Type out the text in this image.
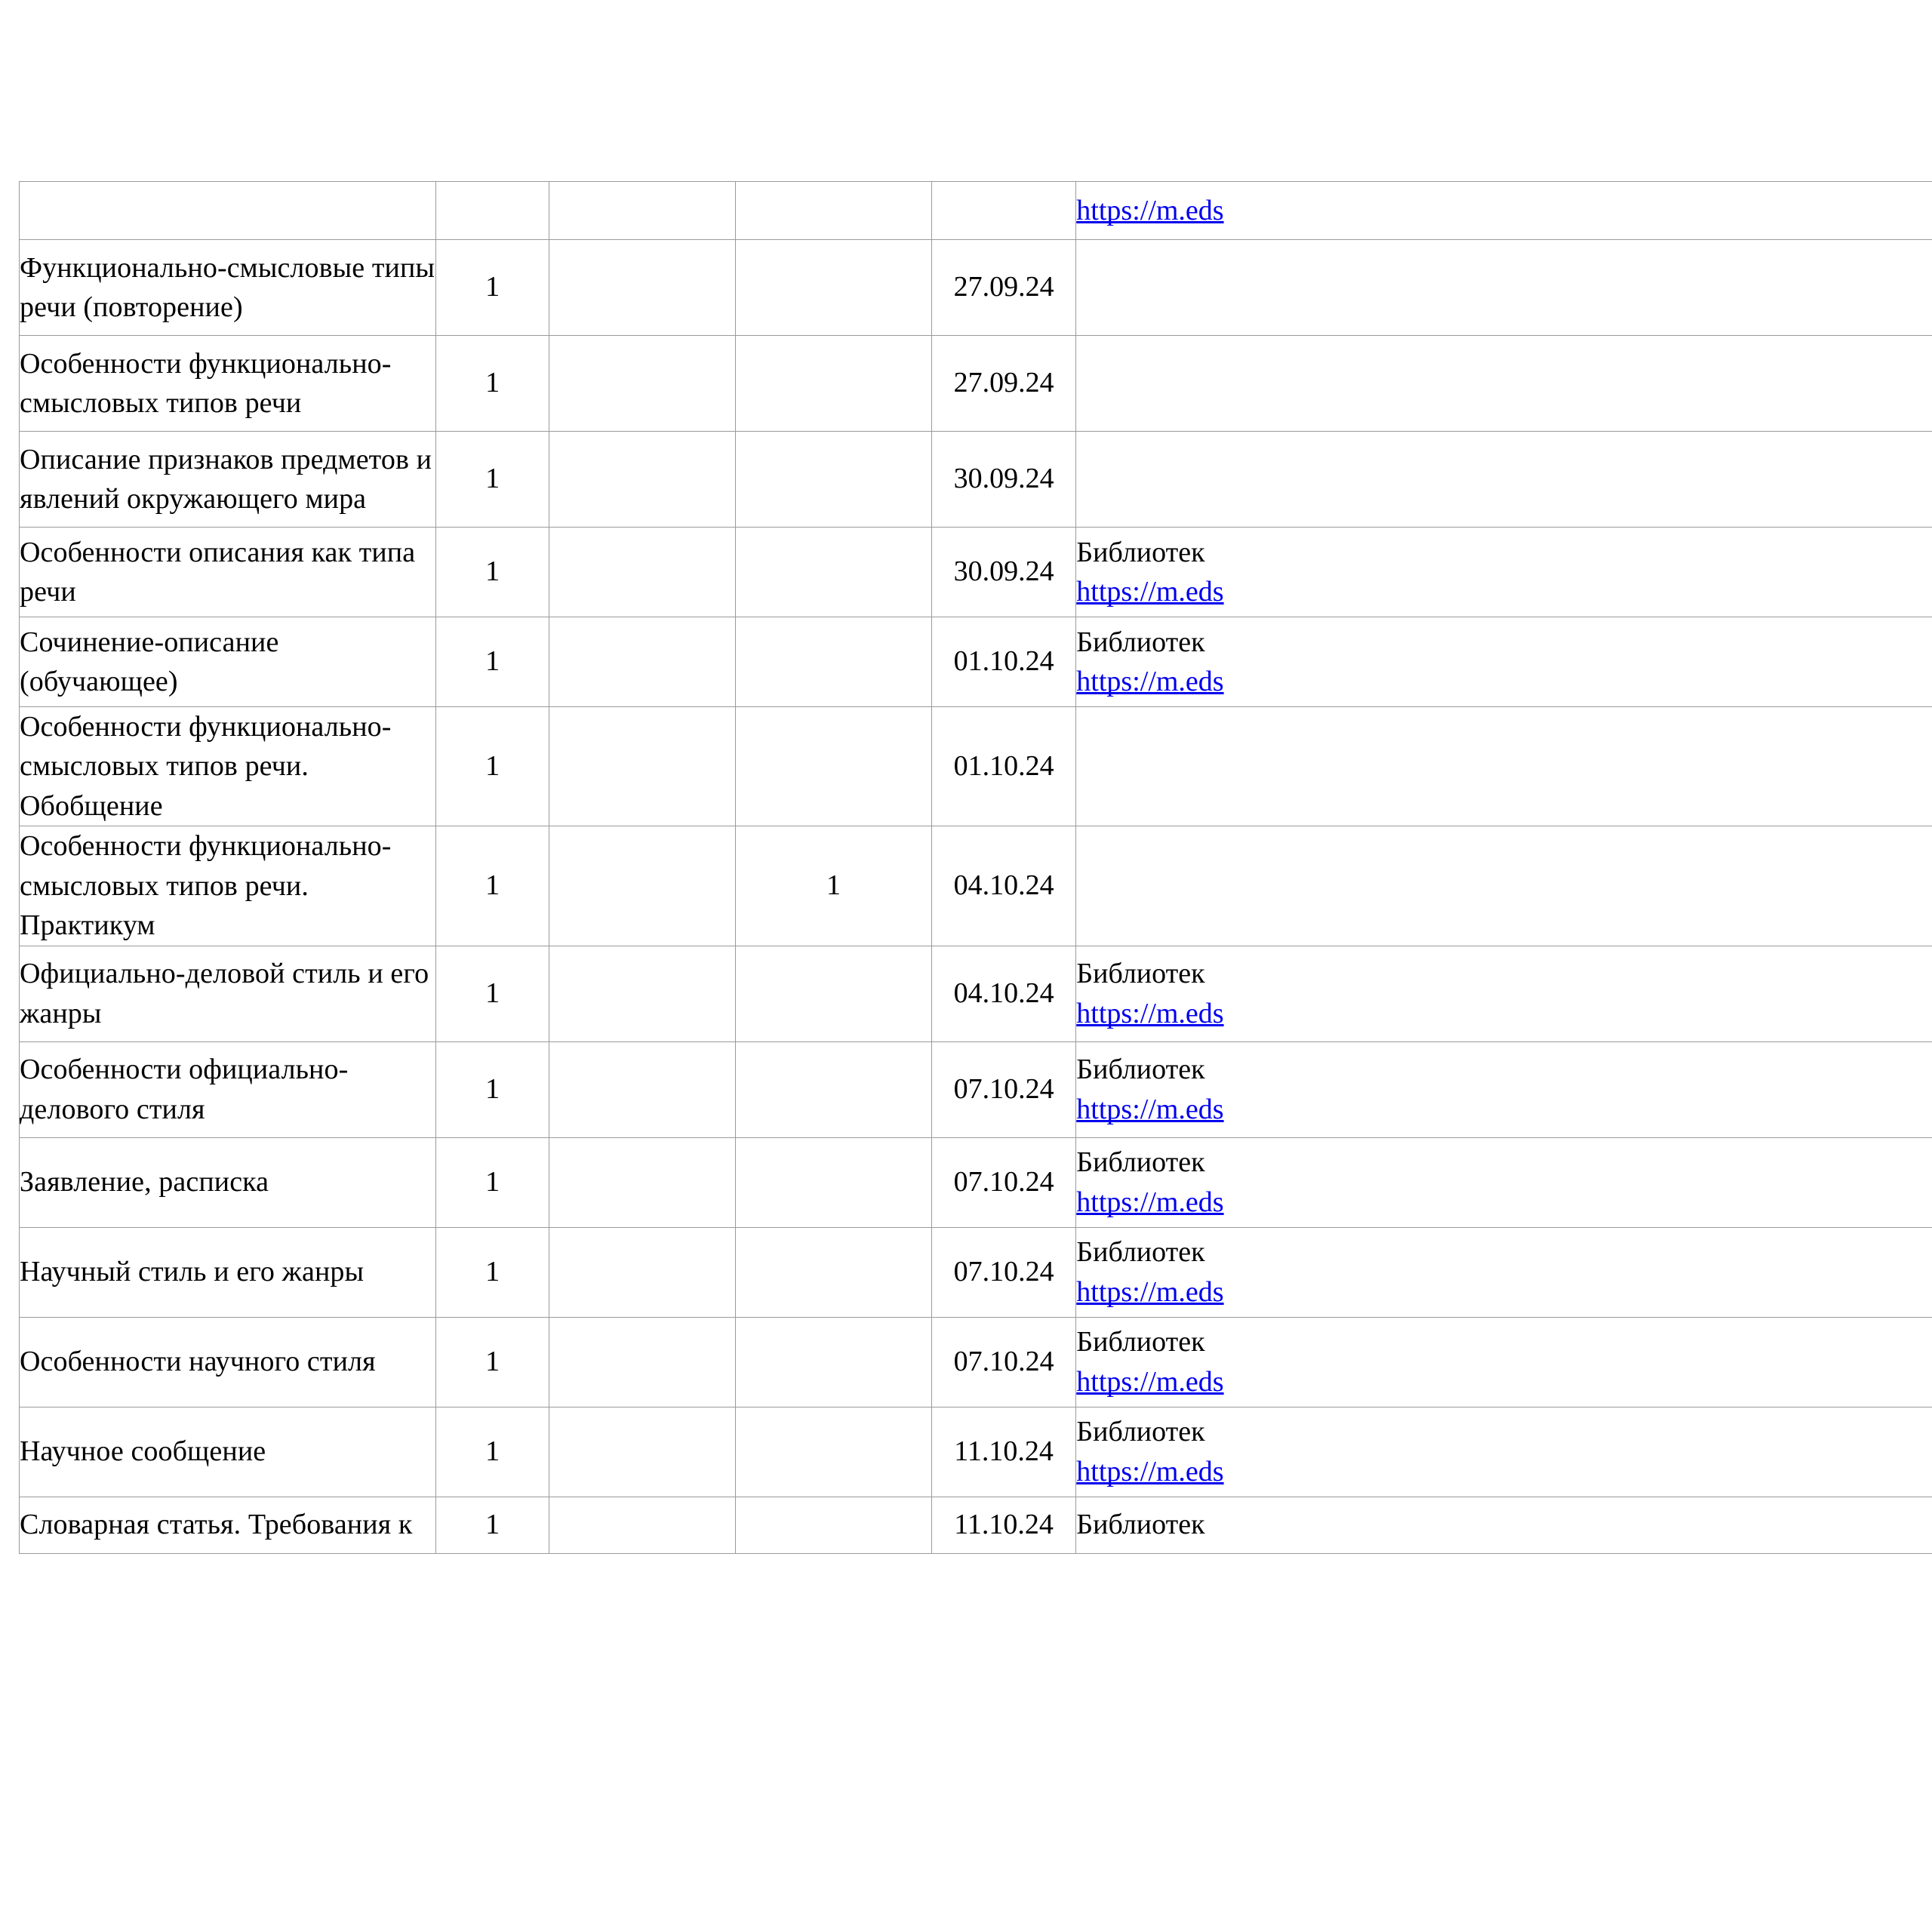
					https://m.eds

Функционально-смысловые типы речи (повторение)	1			27.09.24	
Особенности функционально-смысловых типов речи	1			27.09.24	
Описание признаков предметов и явлений окружающего мира	1			30.09.24	
Особенности описания как типа речи	1			30.09.24	Библиотек
https://m.eds

Сочинение-описание (обучающее)	1			01.10.24	Библиотек
https://m.eds

Особенности функционально-смысловых типов речи. Обобщение	1			01.10.24	
Особенности функционально-смысловых типов речи. Практикум	1		1	04.10.24	
Официально-деловой стиль и его жанры	1			04.10.24	Библиотек
https://m.eds

Особенности официально-делового стиля	1			07.10.24	Библиотек
https://m.eds

Заявление, расписка	1			07.10.24	Библиотек
https://m.eds

Научный стиль и его жанры	1			07.10.24	Библиотек
https://m.eds

Особенности научного стиля	1			07.10.24	Библиотек
https://m.eds

Научное сообщение	1			11.10.24	Библиотек
https://m.eds

Словарная статья. Требования к	1			11.10.24	Библиотек
